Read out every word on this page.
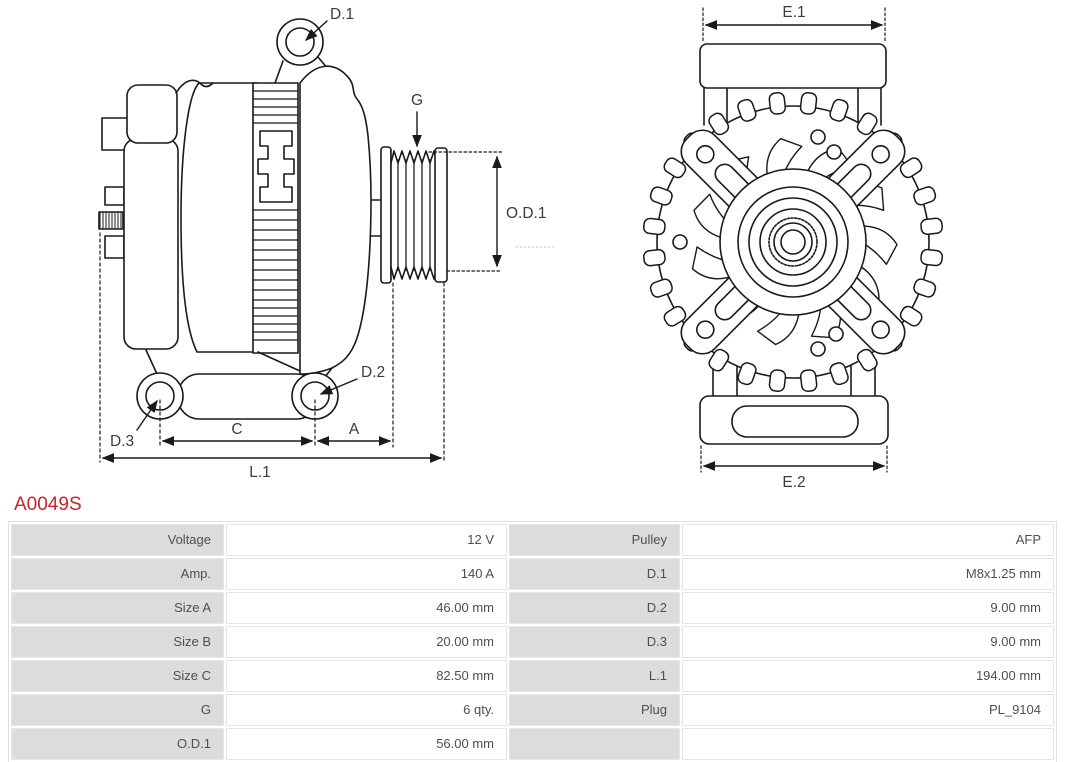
D.1
G
O.D.1
D.2
D.3
C	A
L.1
E.1
E.2
A0049S
Voltage	12 V	Pulley	AFP
Amp.	140 A	D.1	M8x1.25 mm
Size A	46.00 mm	D.2	9.00 mm
Size B	20.00 mm	D.3	9.00 mm
Size C	82.50 mm	L.1	194.00 mm
G	6 qty.	Plug	PL_9104
O.D.1	56.00 mm		
